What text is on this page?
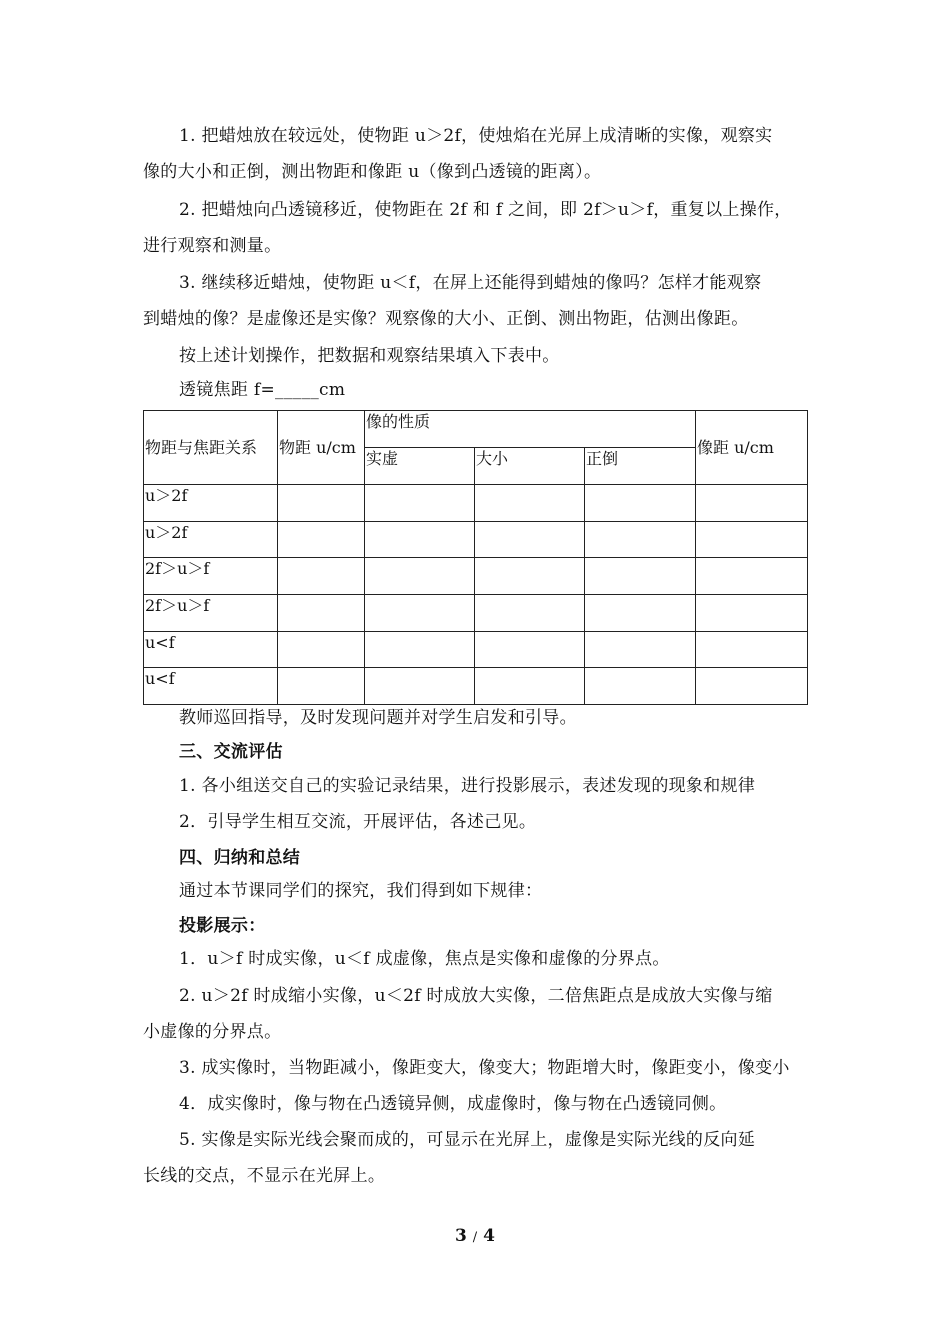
1. 把蜡烛放在较远处，使物距 u＞2f，使烛焰在光屏上成清晰的实像，观察实
像的大小和正倒，测出物距和像距 u（像到凸透镜的距离）。
2. 把蜡烛向凸透镜移近，使物距在 2f 和 f 之间，即 2f＞u＞f，重复以上操作，
进行观察和测量。
3. 继续移近蜡烛，使物距 u＜f，在屏上还能得到蜡烛的像吗？怎样才能观察
到蜡烛的像？是虚像还是实像？观察像的大小、正倒、测出物距，估测出像距。
按上述计划操作，把数据和观察结果填入下表中。
透镜焦距 f=_____cm
物距与焦距关系	物距 u/cm	像的性质			像距 u/cm
		实虚	大小	正倒	
u＞2f					
u＞2f					
2f＞u＞f					
2f＞u＞f					
u<f					
u<f					
教师巡回指导，及时发现问题并对学生启发和引导。
三、交流评估
1. 各小组送交自己的实验记录结果，进行投影展示，表述发现的现象和规律
2．引导学生相互交流，开展评估，各述己见。
四、归纳和总结
通过本节课同学们的探究，我们得到如下规律：
投影展示：
1．u＞f 时成实像，u＜f 成虚像，焦点是实像和虚像的分界点。
2. u＞2f 时成缩小实像，u＜2f 时成放大实像，二倍焦距点是成放大实像与缩
小虚像的分界点。
3. 成实像时，当物距减小，像距变大，像变大；物距增大时，像距变小，像变小
4．成实像时，像与物在凸透镜异侧，成虚像时，像与物在凸透镜同侧。
5. 实像是实际光线会聚而成的，可显示在光屏上，虚像是实际光线的反向延
长线的交点，不显示在光屏上。
3 / 4
